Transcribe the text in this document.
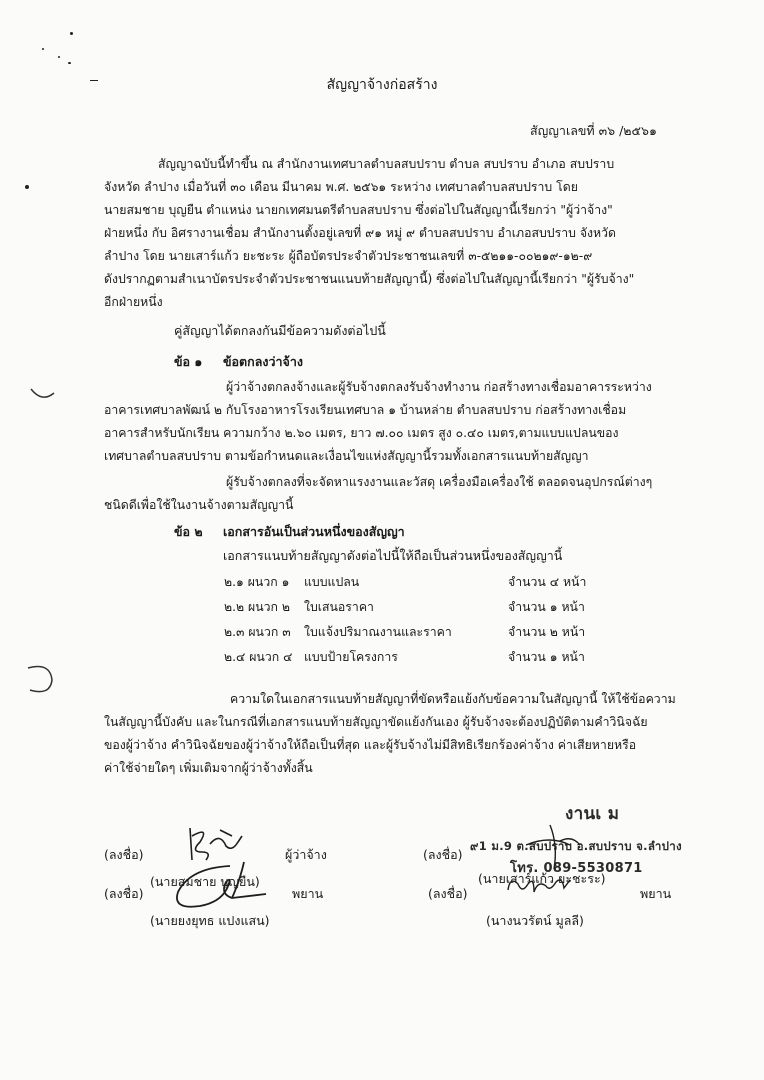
สัญญาจ้างก่อสร้าง
สัญญาเลขที่ ๓๖ /๒๕๖๑
สัญญาฉบับนี้ทำขึ้น ณ สำนักงานเทศบาลตำบลสบปราบ ตำบล สบปราบ อำเภอ สบปราบ
จังหวัด ลำปาง เมื่อวันที่ ๓๐ เดือน มีนาคม พ.ศ. ๒๕๖๑ ระหว่าง เทศบาลตำบลสบปราบ โดย
นายสมชาย บุญยืน ตำแหน่ง นายกเทศมนตรีตำบลสบปราบ ซึ่งต่อไปในสัญญานี้เรียกว่า "ผู้ว่าจ้าง"
ฝ่ายหนึ่ง กับ อิศรางานเชื่อม สำนักงานตั้งอยู่เลขที่ ๙๑ หมู่ ๙ ตำบลสบปราบ อำเภอสบปราบ จังหวัด
ลำปาง โดย นายเสาร์แก้ว ยะชะระ ผู้ถือบัตรประจำตัวประชาชนเลขที่ ๓-๕๒๑๑-๐๐๒๑๙-๑๒-๙
ดังปรากฏตามสำเนาบัตรประจำตัวประชาชนแนบท้ายสัญญานี้) ซึ่งต่อไปในสัญญานี้เรียกว่า "ผู้รับจ้าง"
อีกฝ่ายหนึ่ง
คู่สัญญาได้ตกลงกันมีข้อความดังต่อไปนี้
ข้อ ๑ ข้อตกลงว่าจ้าง
ผู้ว่าจ้างตกลงจ้างและผู้รับจ้างตกลงรับจ้างทำงาน ก่อสร้างทางเชื่อมอาคารระหว่าง
อาคารเทศบาลพัฒน์ ๒ กับโรงอาหารโรงเรียนเทศบาล ๑ บ้านหล่าย ตำบลสบปราบ ก่อสร้างทางเชื่อม
อาคารสำหรับนักเรียน ความกว้าง ๒.๖๐ เมตร, ยาว ๗.๐๐ เมตร สูง ๐.๔๐ เมตร,ตามแบบแปลนของ
เทศบาลตำบลสบปราบ ตามข้อกำหนดและเงื่อนไขแห่งสัญญานี้รวมทั้งเอกสารแนบท้ายสัญญา
ผู้รับจ้างตกลงที่จะจัดหาแรงงานและวัสดุ เครื่องมือเครื่องใช้ ตลอดจนอุปกรณ์ต่างๆ
ชนิดดีเพื่อใช้ในงานจ้างตามสัญญานี้
ข้อ ๒ เอกสารอันเป็นส่วนหนึ่งของสัญญา
เอกสารแนบท้ายสัญญาดังต่อไปนี้ให้ถือเป็นส่วนหนึ่งของสัญญานี้
๒.๑ ผนวก ๑ แบบแปลน	จำนวน ๔ หน้า
๒.๒ ผนวก ๒ ใบเสนอราคา	จำนวน ๑ หน้า
๒.๓ ผนวก ๓ ใบแจ้งปริมาณงานและราคา	จำนวน ๒ หน้า
๒.๔ ผนวก ๔ แบบป้ายโครงการ	จำนวน ๑ หน้า
ความใดในเอกสารแนบท้ายสัญญาที่ขัดหรือแย้งกับข้อความในสัญญานี้ ให้ใช้ข้อความ
ในสัญญานี้บังคับ และในกรณีที่เอกสารแนบท้ายสัญญาขัดแย้งกันเอง ผู้รับจ้างจะต้องปฏิบัติตามคำวินิจฉัย
ของผู้ว่าจ้าง คำวินิจฉัยของผู้ว่าจ้างให้ถือเป็นที่สุด และผู้รับจ้างไม่มีสิทธิเรียกร้องค่าจ้าง ค่าเสียหายหรือ
ค่าใช้จ่ายใดๆ เพิ่มเติมจากผู้ว่าจ้างทั้งสิ้น
(ลงชื่อ)	ผู้ว่าจ้าง
(นายสมชาย บุญยืน)
(ลงชื่อ)	พยาน
(นายยงยุทธ แปงแสน)
(ลงชื่อ)
(นายเสาร์แก้ว ยะชะระ)
งานเ ม
๙1 ม.9 ต.สบปราบ อ.สบปราบ จ.ลำปาง
โทร. 089-5530871
(ลงชื่อ)	พยาน
(นางนวรัตน์ มูลลี)
